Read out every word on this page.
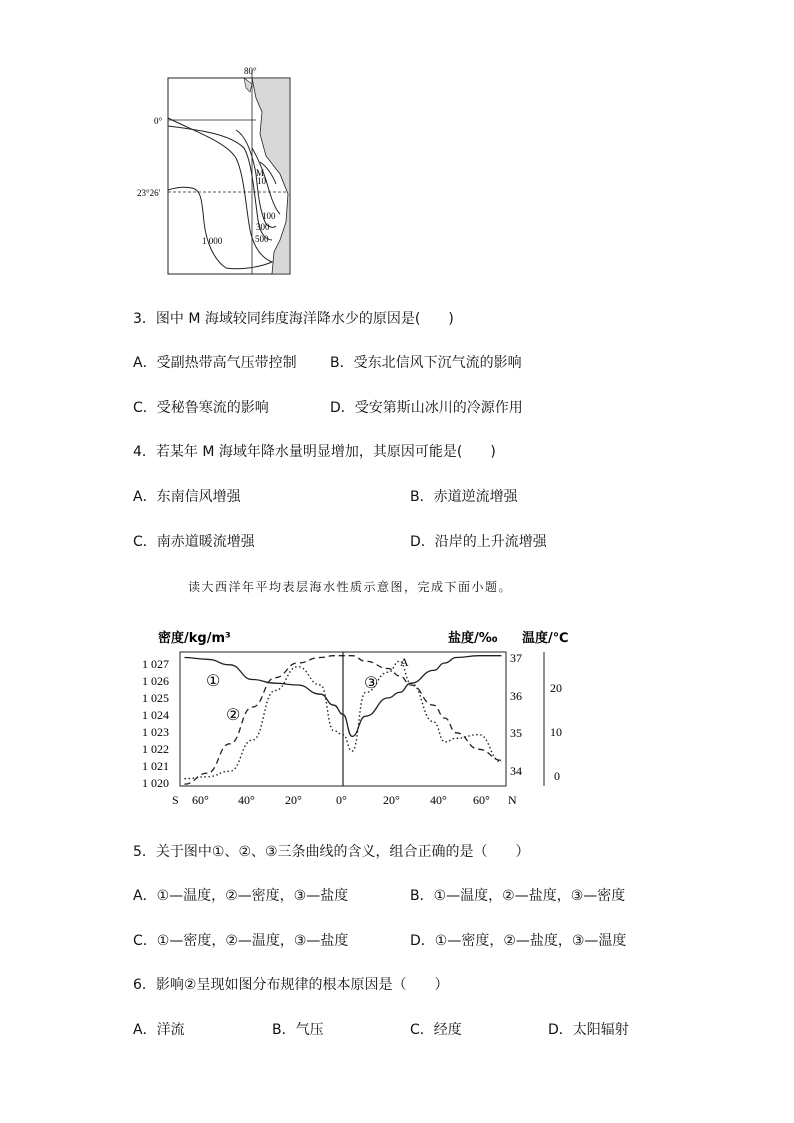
80°
0°
23°26′
M
10
100
300
500
1 000
3．图中 M 海域较同纬度海洋降水少的原因是(　　)
A．受副热带高气压带控制 B．受东北信风下沉气流的影响
C．受秘鲁寒流的影响	D．受安第斯山冰川的冷源作用
4．若某年 M 海域年降水量明显增加，其原因可能是(　　)
A．东南信风增强	B．赤道逆流增强
C．南赤道暖流增强	D．沿岸的上升流增强
读大西洋年平均表层海水性质示意图，完成下面小题。
密度/kg/m³	盐度/‰ 温度/℃
1 027
1 026
1 025
1 024
1 023
1 022
1 021
1 020
37
36
35
34
20
10
0
S 60° 40°	20°	0°	20°	40° 60° N
①
②
③
A
5．关于图中①、②、③三条曲线的含义，组合正确的是（　　）
A．①—温度，②—密度，③—盐度	B．①—温度，②—盐度，③—密度
C．①—密度，②—温度，③—盐度	D．①—密度，②—盐度，③—温度
6．影响②呈现如图分布规律的根本原因是（　　）
A．洋流	B．气压	C．经度	D．太阳辐射
